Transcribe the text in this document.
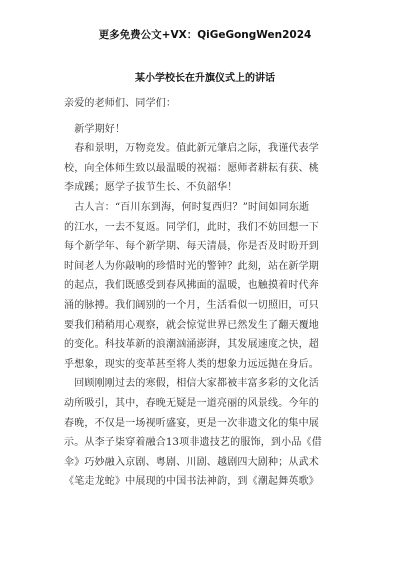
更多免费公文+VX：QiGeGongWen2024
某小学校长在升旗仪式上的讲话
亲爱的老师们、同学们：
　新学期好！
　春和景明，万物竞发。值此新元肇启之际，我谨代表学
校，向全体师生致以最温暖的祝福：愿师者耕耘有获、桃
李成蹊；愿学子拔节生长、不负韶华！
　古人言：“百川东到海，何时复西归？”时间如同东逝
的江水，一去不复返。同学们，此时，我们不妨回想一下
每个新学年、每个新学期、每天清晨，你是否及时盼开到
时间老人为你敲响的珍惜时光的警钟？此刻，站在新学期
的起点，我们既感受到春风拂面的温暖，也触摸着时代奔
涌的脉搏。我们阔别的一个月，生活看似一切照旧，可只
要我们稍稍用心观察，就会惊觉世界已然发生了翻天覆地
的变化。科技革新的浪潮汹涌澎湃，其发展速度之快，超
乎想象，现实的变革甚至将人类的想象力远远抛在身后。
　回顾刚刚过去的寒假，相信大家都被丰富多彩的文化活
动所吸引，其中，春晚无疑是一道亮丽的风景线。今年的
春晚，不仅是一场视听盛宴，更是一次非遗文化的集中展
示。从李子柒穿着融合13项非遗技艺的服饰，到小品《借
伞》巧妙融入京剧、粤剧、川剧、越剧四大剧种；从武术
《笔走龙蛇》中展现的中国书法神韵，到《潮起舞英歌》
